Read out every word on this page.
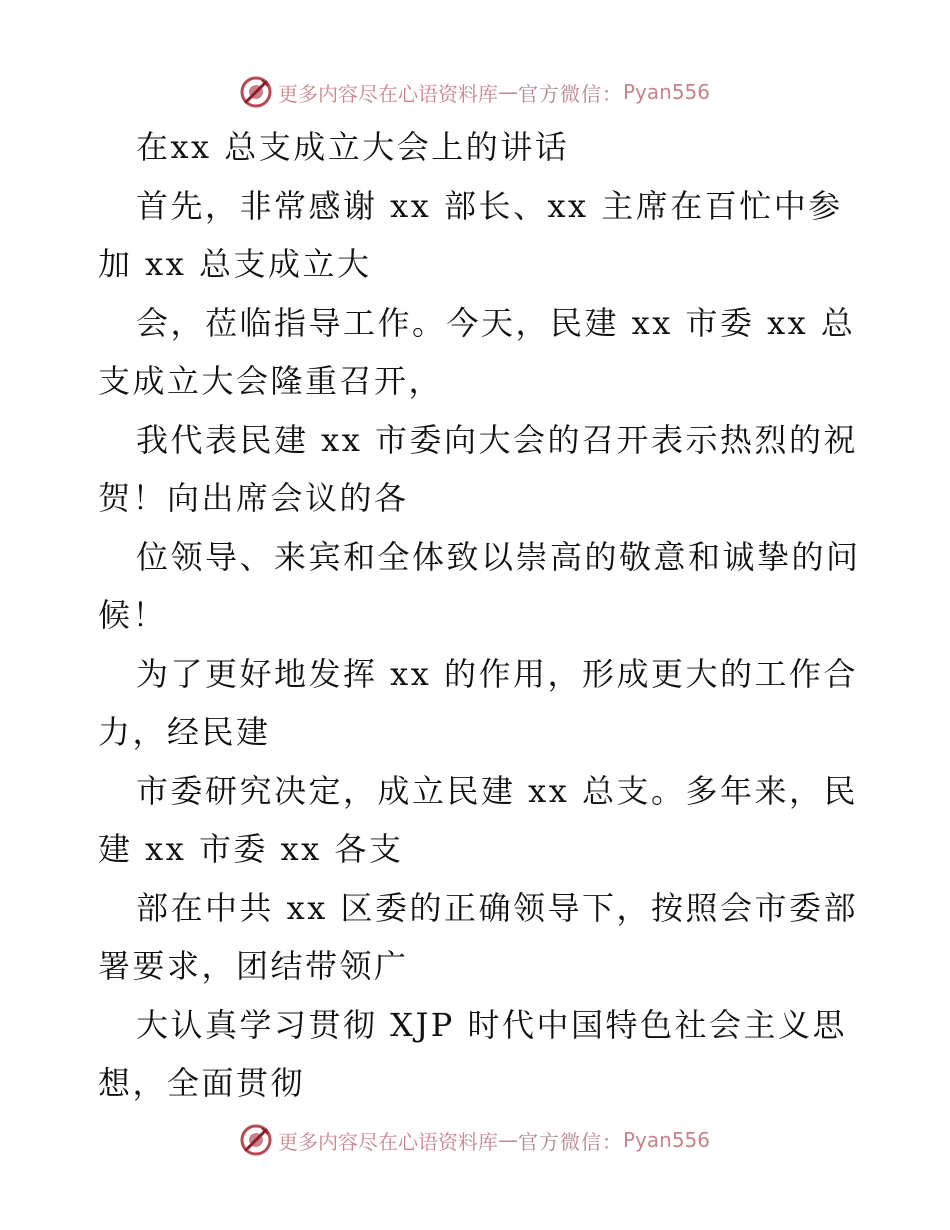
更多内容尽在心语资料库 — 官方微信： Pyan556
在xx 总支成立大会上的讲话
首先，非常感谢 xx 部长、xx 主席在百忙中参
加 xx 总支成立大
会，莅临指导工作。今天，民建 xx 市委 xx 总
支成立大会隆重召开，
我代表民建 xx 市委向大会的召开表示热烈的祝
贺！向出席会议的各
位领导、来宾和全体致以崇高的敬意和诚挚的问
候！
为了更好地发挥 xx 的作用，形成更大的工作合
力，经民建
市委研究决定，成立民建 xx 总支。多年来，民
建 xx 市委 xx 各支
部在中共 xx 区委的正确领导下，按照会市委部
署要求，团结带领广
大认真学习贯彻 XJP 时代中国特色社会主义思
想，全面贯彻
更多内容尽在心语资料库 — 官方微信： Pyan556
